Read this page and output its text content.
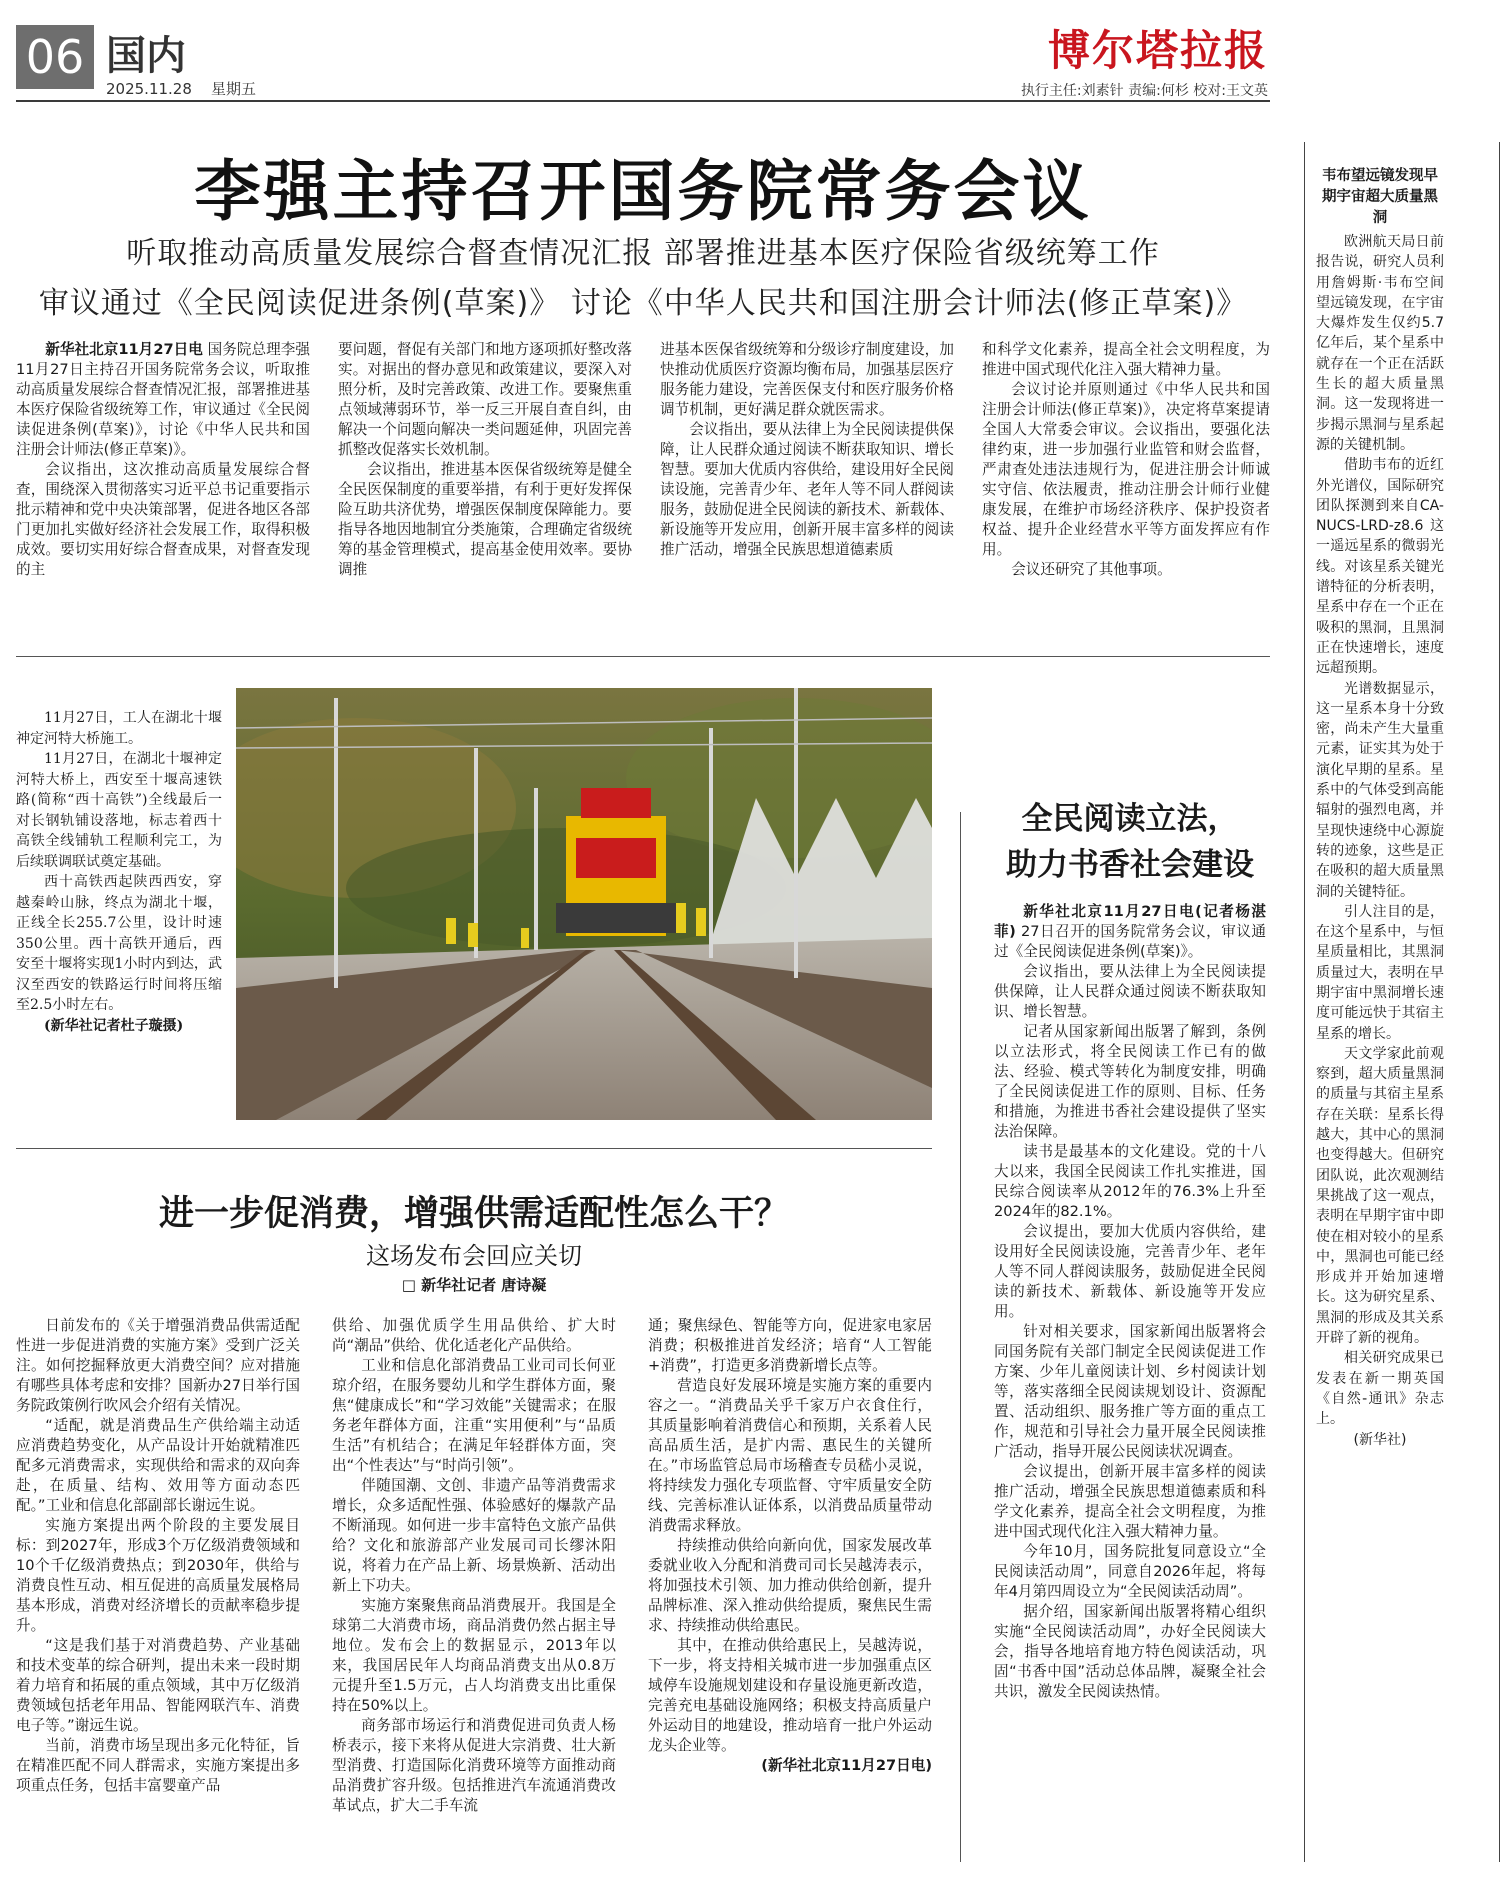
06 国内
2025.11.28 星期五
博尔塔拉报
执行主任:刘素针 责编:何杉 校对:王文英
李强主持召开国务院常务会议
听取推动高质量发展综合督查情况汇报 部署推进基本医疗保险省级统筹工作
审议通过《全民阅读促进条例(草案)》 讨论《中华人民共和国注册会计师法(修正草案)》

新华社北京11月27日电 国务院总理李强11月27日主持召开国务院常务会议，听取推动高质量发展综合督查情况汇报，部署推进基本医疗保险省级统筹工作，审议通过《全民阅读促进条例(草案)》，讨论《中华人民共和国注册会计师法(修正草案)》。

会议指出，这次推动高质量发展综合督查，围绕深入贯彻落实习近平总书记重要指示批示精神和党中央决策部署，促进各地区各部门更加扎实做好经济社会发展工作，取得积极成效。要切实用好综合督查成果，对督查发现的主

要问题，督促有关部门和地方逐项抓好整改落实。对据出的督办意见和政策建议，要深入对照分析，及时完善政策、改进工作。要聚焦重点领域薄弱环节，举一反三开展自查自纠，由解决一个问题向解决一类问题延伸，巩固完善抓整改促落实长效机制。

会议指出，推进基本医保省级统筹是健全全民医保制度的重要举措，有利于更好发挥保险互助共济优势，增强医保制度保障能力。要指导各地因地制宜分类施策，合理确定省级统筹的基金管理模式，提高基金使用效率。要协调推

进基本医保省级统筹和分级诊疗制度建设，加快推动优质医疗资源均衡布局，加强基层医疗服务能力建设，完善医保支付和医疗服务价格调节机制，更好满足群众就医需求。

会议指出，要从法律上为全民阅读提供保障，让人民群众通过阅读不断获取知识、增长智慧。要加大优质内容供给，建设用好全民阅读设施，完善青少年、老年人等不同人群阅读服务，鼓励促进全民阅读的新技术、新载体、新设施等开发应用，创新开展丰富多样的阅读推广活动，增强全民族思想道德素质

和科学文化素养，提高全社会文明程度，为推进中国式现代化注入强大精神力量。

会议讨论并原则通过《中华人民共和国注册会计师法(修正草案)》，决定将草案提请全国人大常委会审议。会议指出，要强化法律约束，进一步加强行业监管和财会监督，严肃查处违法违规行为，促进注册会计师诚实守信、依法履责，推动注册会计师行业健康发展，在维护市场经济秩序、保护投资者权益、提升企业经营水平等方面发挥应有作用。

会议还研究了其他事项。

11月27日，工人在湖北十堰神定河特大桥施工。

11月27日，在湖北十堰神定河特大桥上，西安至十堰高速铁路(简称“西十高铁”)全线最后一对长钢轨铺设落地，标志着西十高铁全线铺轨工程顺利完工，为后续联调联试奠定基础。

西十高铁西起陕西西安，穿越秦岭山脉，终点为湖北十堰，正线全长255.7公里，设计时速350公里。西十高铁开通后，西安至十堰将实现1小时内到达，武汉至西安的铁路运行时间将压缩至2.5小时左右。

(新华社记者杜子璇摄)

全民阅读立法，
助力书香社会建设

新华社北京11月27日电(记者杨湛菲) 27日召开的国务院常务会议，审议通过《全民阅读促进条例(草案)》。

会议指出，要从法律上为全民阅读提供保障，让人民群众通过阅读不断获取知识、增长智慧。

记者从国家新闻出版署了解到，条例以立法形式，将全民阅读工作已有的做法、经验、模式等转化为制度安排，明确了全民阅读促进工作的原则、目标、任务和措施，为推进书香社会建设提供了坚实法治保障。

读书是最基本的文化建设。党的十八大以来，我国全民阅读工作扎实推进，国民综合阅读率从2012年的76.3%上升至2024年的82.1%。

会议提出，要加大优质内容供给，建设用好全民阅读设施，完善青少年、老年人等不同人群阅读服务，鼓励促进全民阅读的新技术、新载体、新设施等开发应用。

针对相关要求，国家新闻出版署将会同国务院有关部门制定全民阅读促进工作方案、少年儿童阅读计划、乡村阅读计划等，落实落细全民阅读规划设计、资源配置、活动组织、服务推广等方面的重点工作，规范和引导社会力量开展全民阅读推广活动，指导开展公民阅读状况调查。

会议提出，创新开展丰富多样的阅读推广活动，增强全民族思想道德素质和科学文化素养，提高全社会文明程度，为推进中国式现代化注入强大精神力量。

今年10月，国务院批复同意设立“全民阅读活动周”，同意自2026年起，将每年4月第四周设立为“全民阅读活动周”。

据介绍，国家新闻出版署将精心组织实施“全民阅读活动周”，办好全民阅读大会，指导各地培育地方特色阅读活动，巩固“书香中国”活动总体品牌，凝聚全社会共识，激发全民阅读热情。

进一步促消费，增强供需适配性怎么干？
这场发布会回应关切
□ 新华社记者 唐诗凝

日前发布的《关于增强消费品供需适配性进一步促进消费的实施方案》受到广泛关注。如何挖掘释放更大消费空间？应对措施有哪些具体考虑和安排？国新办27日举行国务院政策例行吹风会介绍有关情况。

“适配，就是消费品生产供给端主动适应消费趋势变化，从产品设计开始就精准匹配多元消费需求，实现供给和需求的双向奔赴，在质量、结构、效用等方面动态匹配。”工业和信息化部副部长谢远生说。

实施方案提出两个阶段的主要发展目标：到2027年，形成3个万亿级消费领域和10个千亿级消费热点；到2030年，供给与消费良性互动、相互促进的高质量发展格局基本形成，消费对经济增长的贡献率稳步提升。

“这是我们基于对消费趋势、产业基础和技术变革的综合研判，提出未来一段时期着力培育和拓展的重点领域，其中万亿级消费领域包括老年用品、智能网联汽车、消费电子等。”谢远生说。

当前，消费市场呈现出多元化特征，旨在精准匹配不同人群需求，实施方案提出多项重点任务，包括丰富婴童产品

供给、加强优质学生用品供给、扩大时尚“潮品”供给、优化适老化产品供给。

工业和信息化部消费品工业司司长何亚琼介绍，在服务婴幼儿和学生群体方面，聚焦“健康成长”和“学习效能”关键需求；在服务老年群体方面，注重“实用便利”与“品质生活”有机结合；在满足年轻群体方面，突出“个性表达”与“时尚引领”。

伴随国潮、文创、非遗产品等消费需求增长，众多适配性强、体验感好的爆款产品不断涌现。如何进一步丰富特色文旅产品供给？文化和旅游部产业发展司司长缪沐阳说，将着力在产品上新、场景焕新、活动出新上下功夫。

实施方案聚焦商品消费展开。我国是全球第二大消费市场，商品消费仍然占据主导地位。发布会上的数据显示，2013年以来，我国居民年人均商品消费支出从0.8万元提升至1.5万元，占人均消费支出比重保持在50%以上。

商务部市场运行和消费促进司负责人杨桥表示，接下来将从促进大宗消费、壮大新型消费、打造国际化消费环境等方面推动商品消费扩容升级。包括推进汽车流通消费改革试点，扩大二手车流

通；聚焦绿色、智能等方向，促进家电家居消费；积极推进首发经济；培育“人工智能+消费”，打造更多消费新增长点等。

营造良好发展环境是实施方案的重要内容之一。“消费品关乎千家万户衣食住行，其质量影响着消费信心和预期，关系着人民高品质生活，是扩内需、惠民生的关键所在。”市场监管总局市场稽查专员嵇小灵说，将持续发力强化专项监督、守牢质量安全防线、完善标准认证体系，以消费品质量带动消费需求释放。

持续推动供给向新向优，国家发展改革委就业收入分配和消费司司长吴越涛表示，将加强技术引领、加力推动供给创新，提升品牌标准、深入推动供给提质，聚焦民生需求、持续推动供给惠民。

其中，在推动供给惠民上，吴越涛说，下一步，将支持相关城市进一步加强重点区域停车设施规划建设和存量设施更新改造，完善充电基础设施网络；积极支持高质量户外运动目的地建设，推动培育一批户外运动龙头企业等。

(新华社北京11月27日电)

韦布望远镜发现早期宇宙超大质量黑洞

欧洲航天局日前报告说，研究人员利用詹姆斯·韦布空间望远镜发现，在宇宙大爆炸发生仅约5.7亿年后，某个星系中就存在一个正在活跃生长的超大质量黑洞。这一发现将进一步揭示黑洞与星系起源的关键机制。

借助韦布的近红外光谱仪，国际研究团队探测到来自CA-NUCS-LRD-z8.6这一遥远星系的微弱光线。对该星系关键光谱特征的分析表明，星系中存在一个正在吸积的黑洞，且黑洞正在快速增长，速度远超预期。

光谱数据显示，这一星系本身十分致密，尚未产生大量重元素，证实其为处于演化早期的星系。星系中的气体受到高能辐射的强烈电离，并呈现快速绕中心源旋转的迹象，这些是正在吸积的超大质量黑洞的关键特征。

引人注目的是，在这个星系中，与恒星质量相比，其黑洞质量过大，表明在早期宇宙中黑洞增长速度可能远快于其宿主星系的增长。

天文学家此前观察到，超大质量黑洞的质量与其宿主星系存在关联：星系长得越大，其中心的黑洞也变得越大。但研究团队说，此次观测结果挑战了这一观点，表明在早期宇宙中即使在相对较小的星系中，黑洞也可能已经形成并开始加速增长。这为研究星系、黑洞的形成及其关系开辟了新的视角。

相关研究成果已发表在新一期英国《自然-通讯》杂志上。

(新华社)
